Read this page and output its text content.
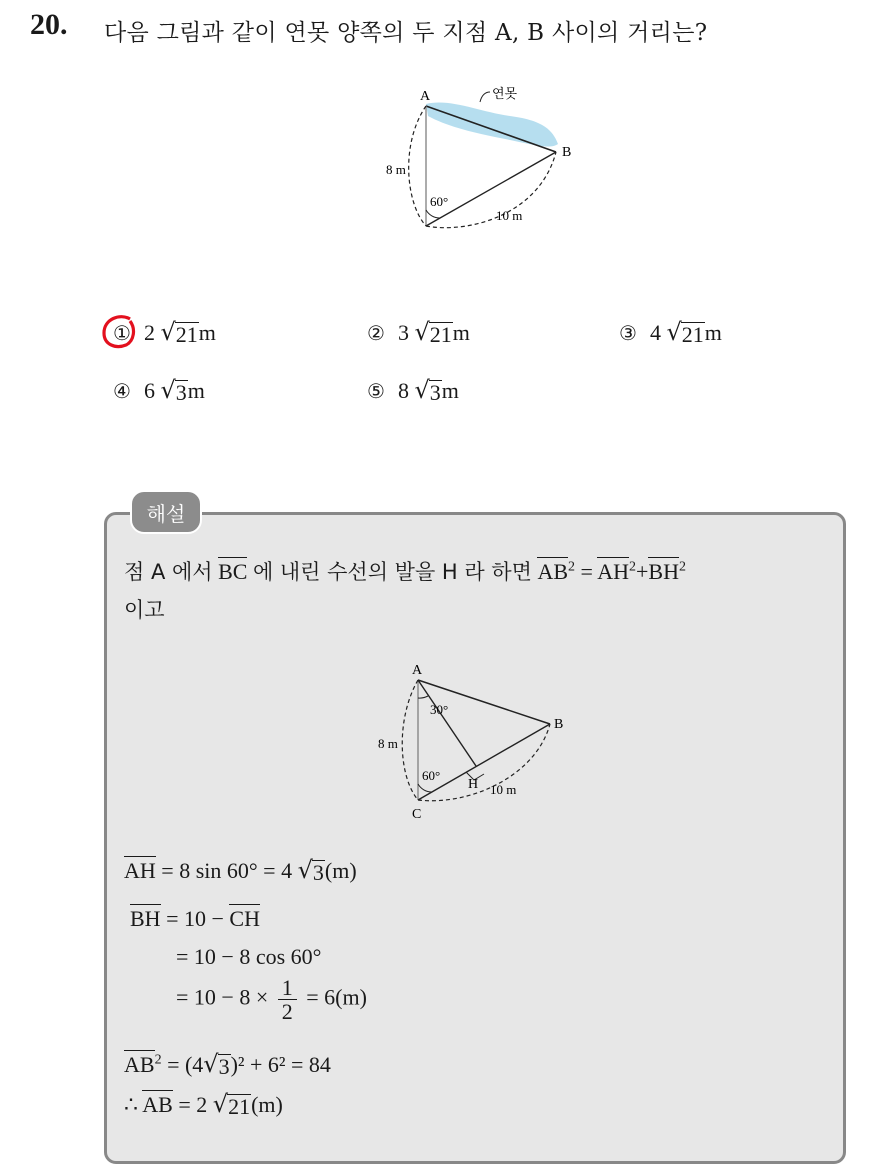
20. 다음 그림과 같이 연못 양쪽의 두 지점 A, B 사이의 거리는?
A
B
연못
8 m
60°
10 m
① 2 √ 21 m	② 3 √ 21 m	③ 4 √ 21 m
④ 6 √ 3 m	⑤ 8 √ 3 m
해설
점 A 에서 BC 에 내린 수선의 발을 H 라 하면 $AB^2 = AH^2+BH^2$
이고
A
B
C
H
8 m
30°
60°
10 m
AH = 8 sin 60° = 4 √ 3 (m)
BH = 10 − CH
= 10 − 8 cos 60°
= $10 - 8 \times \frac{1}{2} = 6(m)$
$AB^2 = (4$ √ 3 )² + 6² = 84
∴ AB = 2 √ 21 (m)
